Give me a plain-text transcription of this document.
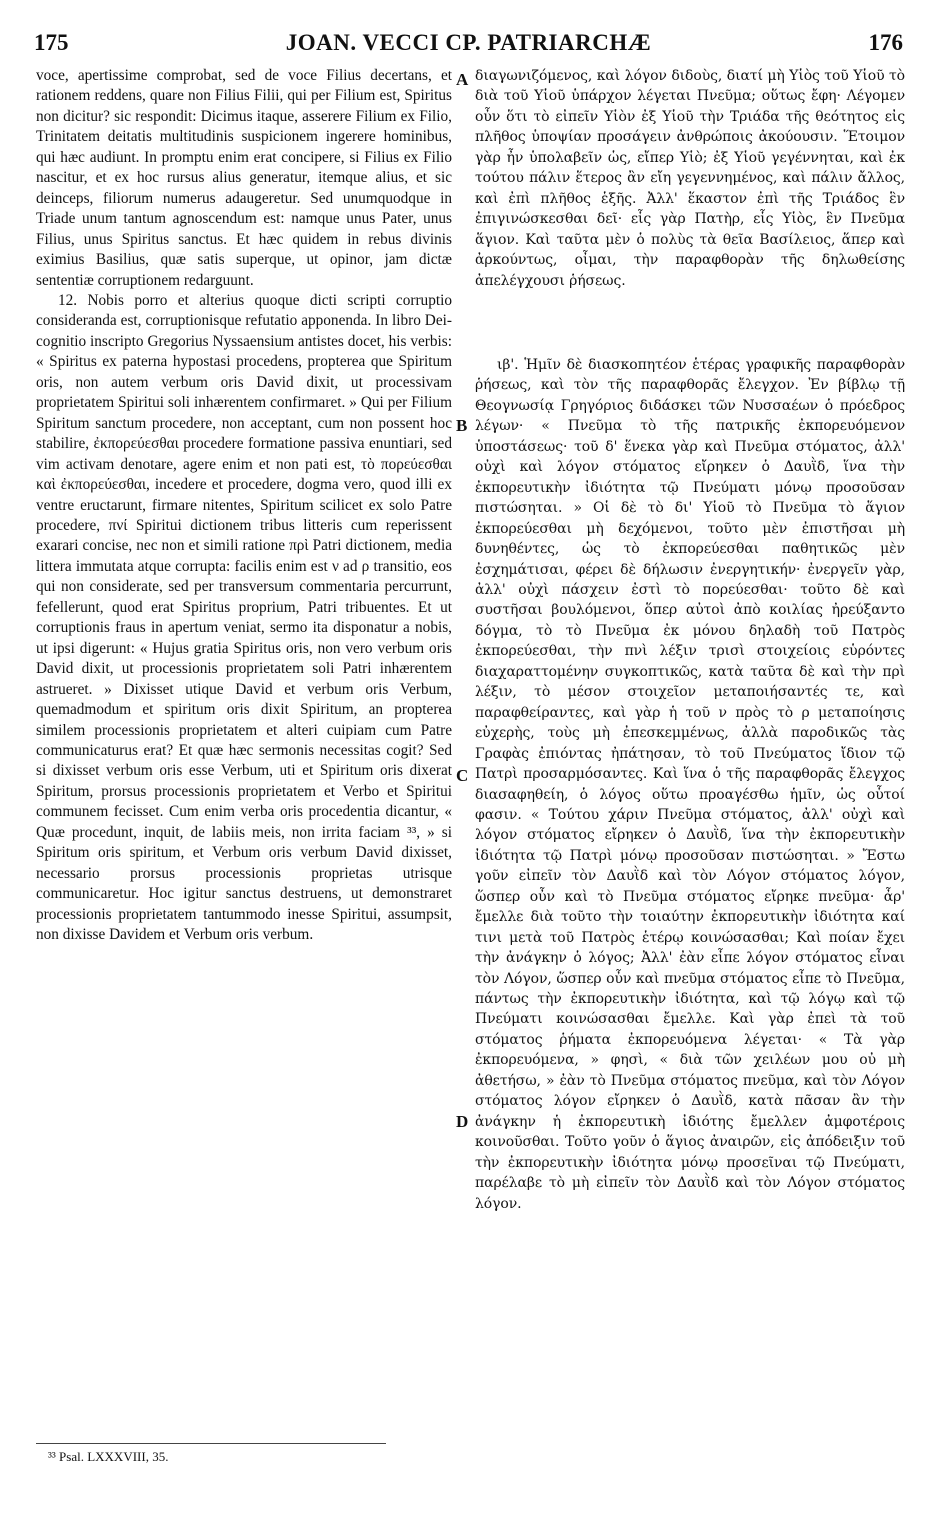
175	JOAN. VECCI CP. PATRIARCHÆ	176
A
B
C
D

voce, apertissime comprobat, sed de voce Filius decertans, et rationem reddens, quare non Filius Filii, qui per Filium est, Spiritus non dicitur? sic respondit: Dicimus itaque, asserere Filium ex Filio, Trinitatem deitatis multitudinis suspicionem ingerere hominibus, qui hæc audiunt. In promptu enim erat concipere, si Filius ex Filio nascitur, et ex hoc rursus alius generatur, itemque alius, et sic deinceps, filiorum numerus adaugeretur. Sed unumquodque in Triade unum tantum agnoscendum est: namque unus Pater, unus Filius, unus Spiritus sanctus. Et hæc quidem in rebus divinis eximius Basilius, quæ satis superque, ut opinor, jam dictæ sententiæ corruptionem redarguunt.

12. Nobis porro et alterius quoque dicti scripti corruptio consideranda est, corruptionisque refutatio apponenda. In libro Dei-cognitio inscripto Gregorius Nyssaensium antistes docet, his verbis: « Spiritus ex paterna hypostasi procedens, propterea que Spiritum oris, non autem verbum oris David dixit, ut processivam proprietatem Spiritui soli inhærentem confirmaret. » Qui per Filium Spiritum sanctum procedere, non acceptant, cum non possent hoc stabilire, ἐκπορεύεσθαι procedere formatione passiva enuntiari, sed vim activam denotare, agere enim et non pati est, τὸ πορεύεσθαι καὶ ἐκπορεύεσθαι, incedere et procedere, dogma vero, quod illi ex ventre eructarunt, firmare nitentes, Spiritum scilicet ex solo Patre procedere, πνί Spiritui dictionem tribus litteris cum reperissent exarari concise, nec non et simili ratione πρὶ Patri dictionem, media littera immutata atque corrupta: facilis enim est ν ad ρ transitio, eos qui non considerate, sed per transversum commentaria percurrunt, fefellerunt, quod erat Spiritus proprium, Patri tribuentes. Et ut corruptionis fraus in apertum veniat, sermo ita disponatur a nobis, ut ipsi digerunt: « Hujus gratia Spiritus oris, non vero verbum oris David dixit, ut processionis proprietatem soli Patri inhærentem astrueret. » Dixisset utique David et verbum oris Verbum, quemadmodum et spiritum oris dixit Spiritum, an propterea similem processionis proprietatem et alteri cuipiam cum Patre communicaturus erat? Et quæ hæc sermonis necessitas cogit? Sed si dixisset verbum oris esse Verbum, uti et Spiritum oris dixerat Spiritum, prorsus processionis proprietatem et Verbo et Spiritui communem fecisset. Cum enim verba oris procedentia dicantur, « Quæ procedunt, inquit, de labiis meis, non irrita faciam ³³, » si Spiritum oris spiritum, et Verbum oris verbum David dixisset, necessario prorsus processionis proprietas utrisque communicaretur. Hoc igitur sanctus destruens, ut demonstraret processionis proprietatem tantummodo inesse Spiritui, assumpsit, non dixisse Davidem et Verbum oris verbum.

διαγωνιζόμενος, καὶ λόγον διδοὺς, διατί μὴ Υἱὸς τοῦ Υἱοῦ τὸ διὰ τοῦ Υἱοῦ ὑπάρχον λέγεται Πνεῦμα; οὕτως ἔφη· Λέγομεν οὖν ὅτι τὸ εἰπεῖν Υἱὸν ἐξ Υἱοῦ τὴν Τριάδα τῆς θεότητος εἰς πλῆθος ὑποψίαν προσάγειν ἀνθρώποις ἀκούουσιν. Ἕτοιμον γὰρ ἦν ὑπολαβεῖν ὡς, εἴπερ Υἱὸ; ἐξ Υἱοῦ γεγέννηται, καὶ ἐκ τούτου πάλιν ἕτερος ἂν εἴη γεγεννημένος, καὶ πάλιν ἄλλος, καὶ ἐπὶ πλῆθος ἑξῆς. Ἀλλ' ἕκαστον ἐπὶ τῆς Τριάδος ἓν ἐπιγινώσκεσθαι δεῖ· εἷς γὰρ Πατὴρ, εἷς Υἱὸς, ἓν Πνεῦμα ἅγιον. Καὶ ταῦτα μὲν ὁ πολὺς τὰ θεῖα Βασίλειος, ἅπερ καὶ ἀρκούντως, οἶμαι, τὴν παραφθορὰν τῆς δηλωθείσης ἀπελέγχουσι ῥήσεως.

ιβ'. Ἡμῖν δὲ διασκοπητέον ἑτέρας γραφικῆς παραφθορὰν ῥήσεως, καὶ τὸν τῆς παραφθορᾶς ἔλεγχον. Ἐν βίβλῳ τῇ Θεογνωσίᾳ Γρηγόριος διδάσκει τῶν Νυσσαέων ὁ πρόεδρος λέγων· « Πνεῦμα τὸ τῆς πατρικῆς ἐκπορευόμενον ὑποστάσεως· τοῦ δ' ἕνεκα γὰρ καὶ Πνεῦμα στόματος, ἀλλ' οὐχὶ καὶ λόγον στόματος εἴρηκεν ὁ Δαυῒδ, ἵνα τὴν ἐκπορευτικὴν ἰδιότητα τῷ Πνεύματι μόνῳ προσοῦσαν πιστώσηται. » Οἱ δὲ τὸ δι' Υἱοῦ τὸ Πνεῦμα τὸ ἅγιον ἐκπορεύεσθαι μὴ δεχόμενοι, τοῦτο μὲν ἐπιστῆσαι μὴ δυνηθέντες, ὡς τὸ ἐκπορεύεσθαι παθητικῶς μὲν ἐσχημάτισαι, φέρει δὲ δήλωσιν ἐνεργητικήν· ἐνεργεῖν γὰρ, ἀλλ' οὐχὶ πάσχειν ἐστὶ τὸ πορεύεσθαι· τοῦτο δὲ καὶ συστῆσαι βουλόμενοι, ὅπερ αὐτοὶ ἀπὸ κοιλίας ἠρεύξαντο δόγμα, τὸ τὸ Πνεῦμα ἐκ μόνου δηλαδὴ τοῦ Πατρὸς ἐκπορεύεσθαι, τὴν πνὶ λέξιν τρισὶ στοιχείοις εὑρόντες διαχαραττομένην συγκοπτικῶς, κατὰ ταῦτα δὲ καὶ τὴν πρὶ λέξιν, τὸ μέσον στοιχεῖον μεταποιήσαντές τε, καὶ παραφθείραντες, καὶ γὰρ ἡ τοῦ ν πρὸς τὸ ρ μεταποίησις εὐχερὴς, τοὺς μὴ ἐπεσκεμμένως, ἀλλὰ παροδικῶς τὰς Γραφὰς ἐπιόντας ἠπάτησαν, τὸ τοῦ Πνεύματος ἴδιον τῷ Πατρὶ προσαρμόσαντες. Καὶ ἵνα ὁ τῆς παραφθορᾶς ἔλεγχος διασαφηθείη, ὁ λόγος οὕτω προαγέσθω ἡμῖν, ὡς οὗτοί φασιν. « Τούτου χάριν Πνεῦμα στόματος, ἀλλ' οὐχὶ καὶ λόγον στόματος εἴρηκεν ὁ Δαυῒδ, ἵνα τὴν ἐκπορευτικὴν ἰδιότητα τῷ Πατρὶ μόνῳ προσοῦσαν πιστώσηται. » Ἔστω γοῦν εἰπεῖν τὸν Δαυῒδ καὶ τὸν Λόγον στόματος λόγον, ὥσπερ οὖν καὶ τὸ Πνεῦμα στόματος εἴρηκε πνεῦμα· ἆρ' ἔμελλε διὰ τοῦτο τὴν τοιαύτην ἐκπορευτικὴν ἰδιότητα καί τινι μετὰ τοῦ Πατρὸς ἑτέρῳ κοινώσασθαι; Καὶ ποίαν ἔχει τὴν ἀνάγκην ὁ λόγος; Ἀλλ' ἐὰν εἶπε λόγον στόματος εἶναι τὸν Λόγον, ὥσπερ οὖν καὶ πνεῦμα στόματος εἶπε τὸ Πνεῦμα, πάντως τὴν ἐκπορευτικὴν ἰδιότητα, καὶ τῷ λόγῳ καὶ τῷ Πνεύματι κοινώσασθαι ἔμελλε. Καὶ γὰρ ἐπεὶ τὰ τοῦ στόματος ῥήματα ἐκπορευόμενα λέγεται· « Τὰ γὰρ ἐκπορευόμενα, » φησὶ, « διὰ τῶν χειλέων μου οὐ μὴ ἀθετήσω, » ἐὰν τὸ Πνεῦμα στόματος πνεῦμα, καὶ τὸν Λόγον στόματος λόγον εἴρηκεν ὁ Δαυῒδ, κατὰ πᾶσαν ἂν τὴν ἀνάγκην ἡ ἐκπορευτικὴ ἰδιότης ἔμελλεν ἀμφοτέροις κοινοῦσθαι. Τοῦτο γοῦν ὁ ἅγιος ἀναιρῶν, εἰς ἀπόδειξιν τοῦ τὴν ἐκπορευτικὴν ἰδιότητα μόνῳ προσεῖναι τῷ Πνεύματι, παρέλαβε τὸ μὴ εἰπεῖν τὸν Δαυῒδ καὶ τὸν Λόγον στόματος λόγον.

³³ Psal. LXXXVIII, 35.
